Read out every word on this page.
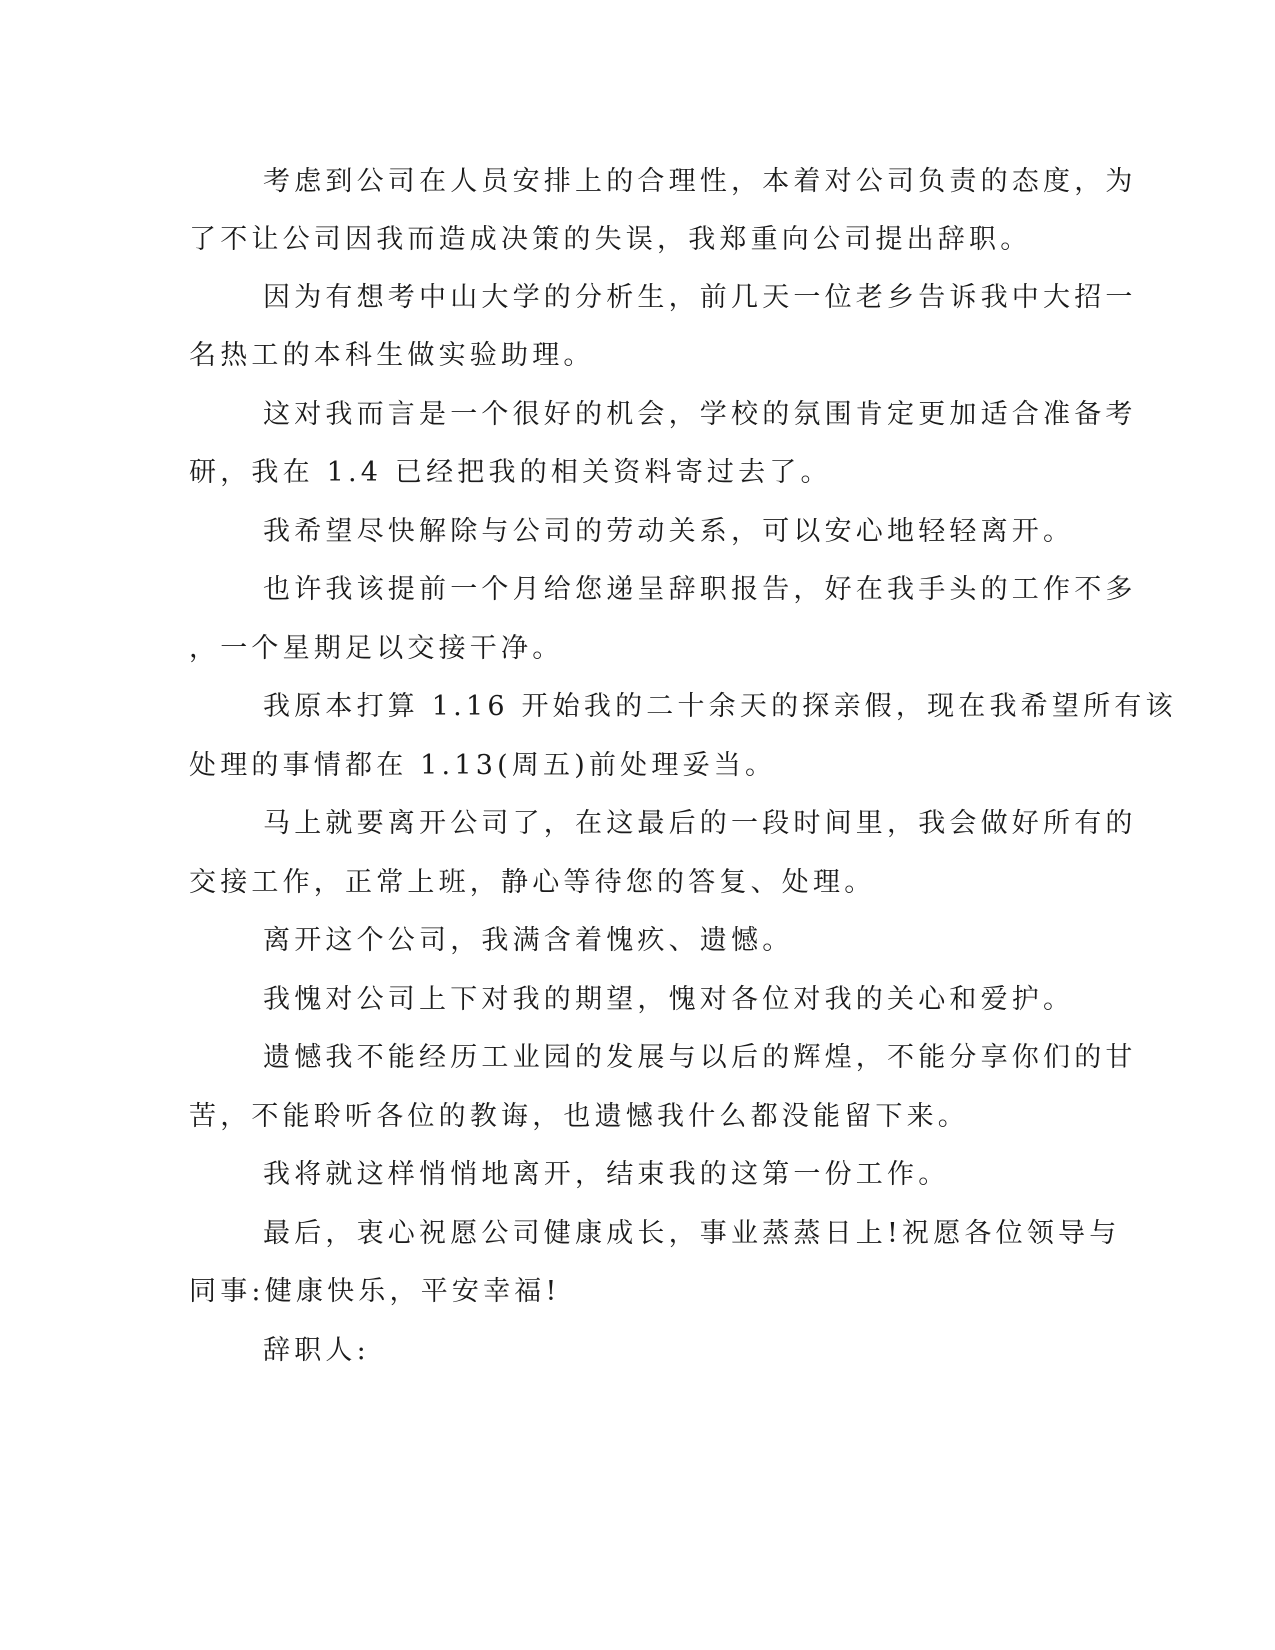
考虑到公司在人员安排上的合理性，本着对公司负责的态度，为
了不让公司因我而造成决策的失误，我郑重向公司提出辞职。
因为有想考中山大学的分析生，前几天一位老乡告诉我中大招一
名热工的本科生做实验助理。
这对我而言是一个很好的机会，学校的氛围肯定更加适合准备考
研，我在 1.4 已经把我的相关资料寄过去了。
我希望尽快解除与公司的劳动关系，可以安心地轻轻离开。
也许我该提前一个月给您递呈辞职报告，好在我手头的工作不多
，一个星期足以交接干净。
我原本打算 1.16 开始我的二十余天的探亲假，现在我希望所有该
处理的事情都在 1.13(周五)前处理妥当。
马上就要离开公司了，在这最后的一段时间里，我会做好所有的
交接工作，正常上班，静心等待您的答复、处理。
离开这个公司，我满含着愧疚、遗憾。
我愧对公司上下对我的期望，愧对各位对我的关心和爱护。
遗憾我不能经历工业园的发展与以后的辉煌，不能分享你们的甘
苦，不能聆听各位的教诲，也遗憾我什么都没能留下来。
我将就这样悄悄地离开，结束我的这第一份工作。
最后，衷心祝愿公司健康成长，事业蒸蒸日上!祝愿各位领导与
同事:健康快乐，平安幸福!
辞职人:
